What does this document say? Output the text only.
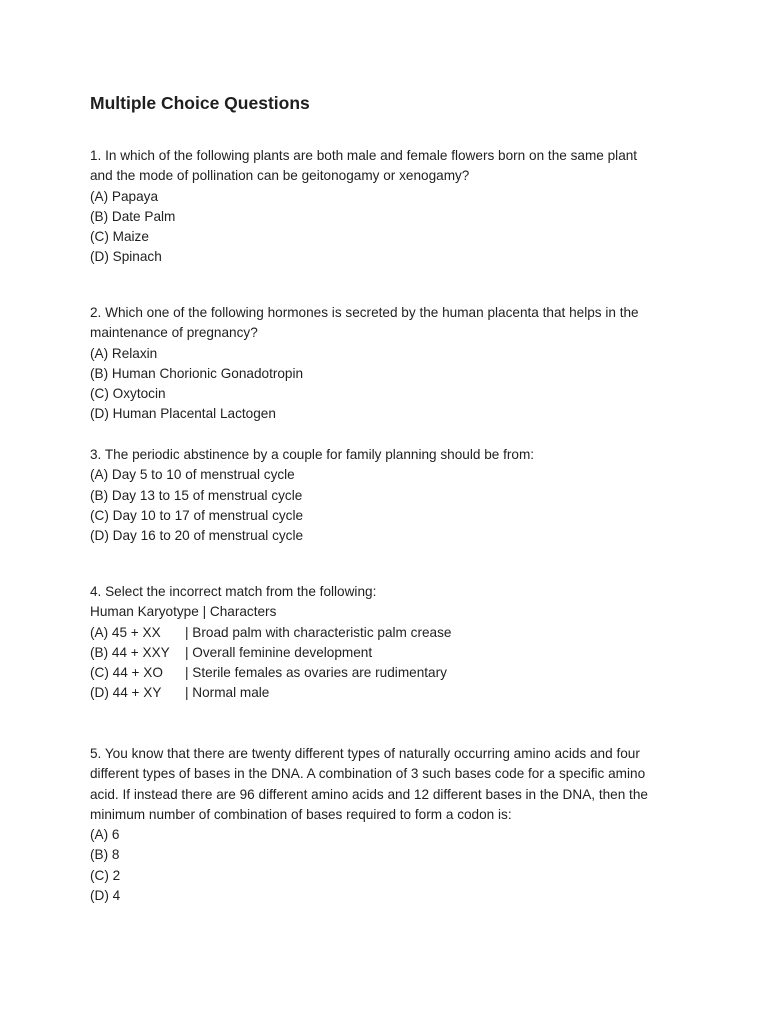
Multiple Choice Questions
1. In which of the following plants are both male and female flowers born on the same plant
and the mode of pollination can be geitonogamy or xenogamy?
(A) Papaya
(B) Date Palm
(C) Maize
(D) Spinach
2. Which one of the following hormones is secreted by the human placenta that helps in the
maintenance of pregnancy?
(A) Relaxin
(B) Human Chorionic Gonadotropin
(C) Oxytocin
(D) Human Placental Lactogen
3. The periodic abstinence by a couple for family planning should be from:
(A) Day 5 to 10 of menstrual cycle
(B) Day 13 to 15 of menstrual cycle
(C) Day 10 to 17 of menstrual cycle
(D) Day 16 to 20 of menstrual cycle
4. Select the incorrect match from the following:
Human Karyotype | Characters
(A) 45 + XX | Broad palm with characteristic palm crease
(B) 44 + XXY | Overall feminine development
(C) 44 + XO | Sterile females as ovaries are rudimentary
(D) 44 + XY | Normal male
5. You know that there are twenty different types of naturally occurring amino acids and four
different types of bases in the DNA. A combination of 3 such bases code for a specific amino
acid. If instead there are 96 different amino acids and 12 different bases in the DNA, then the
minimum number of combination of bases required to form a codon is:
(A) 6
(B) 8
(C) 2
(D) 4
